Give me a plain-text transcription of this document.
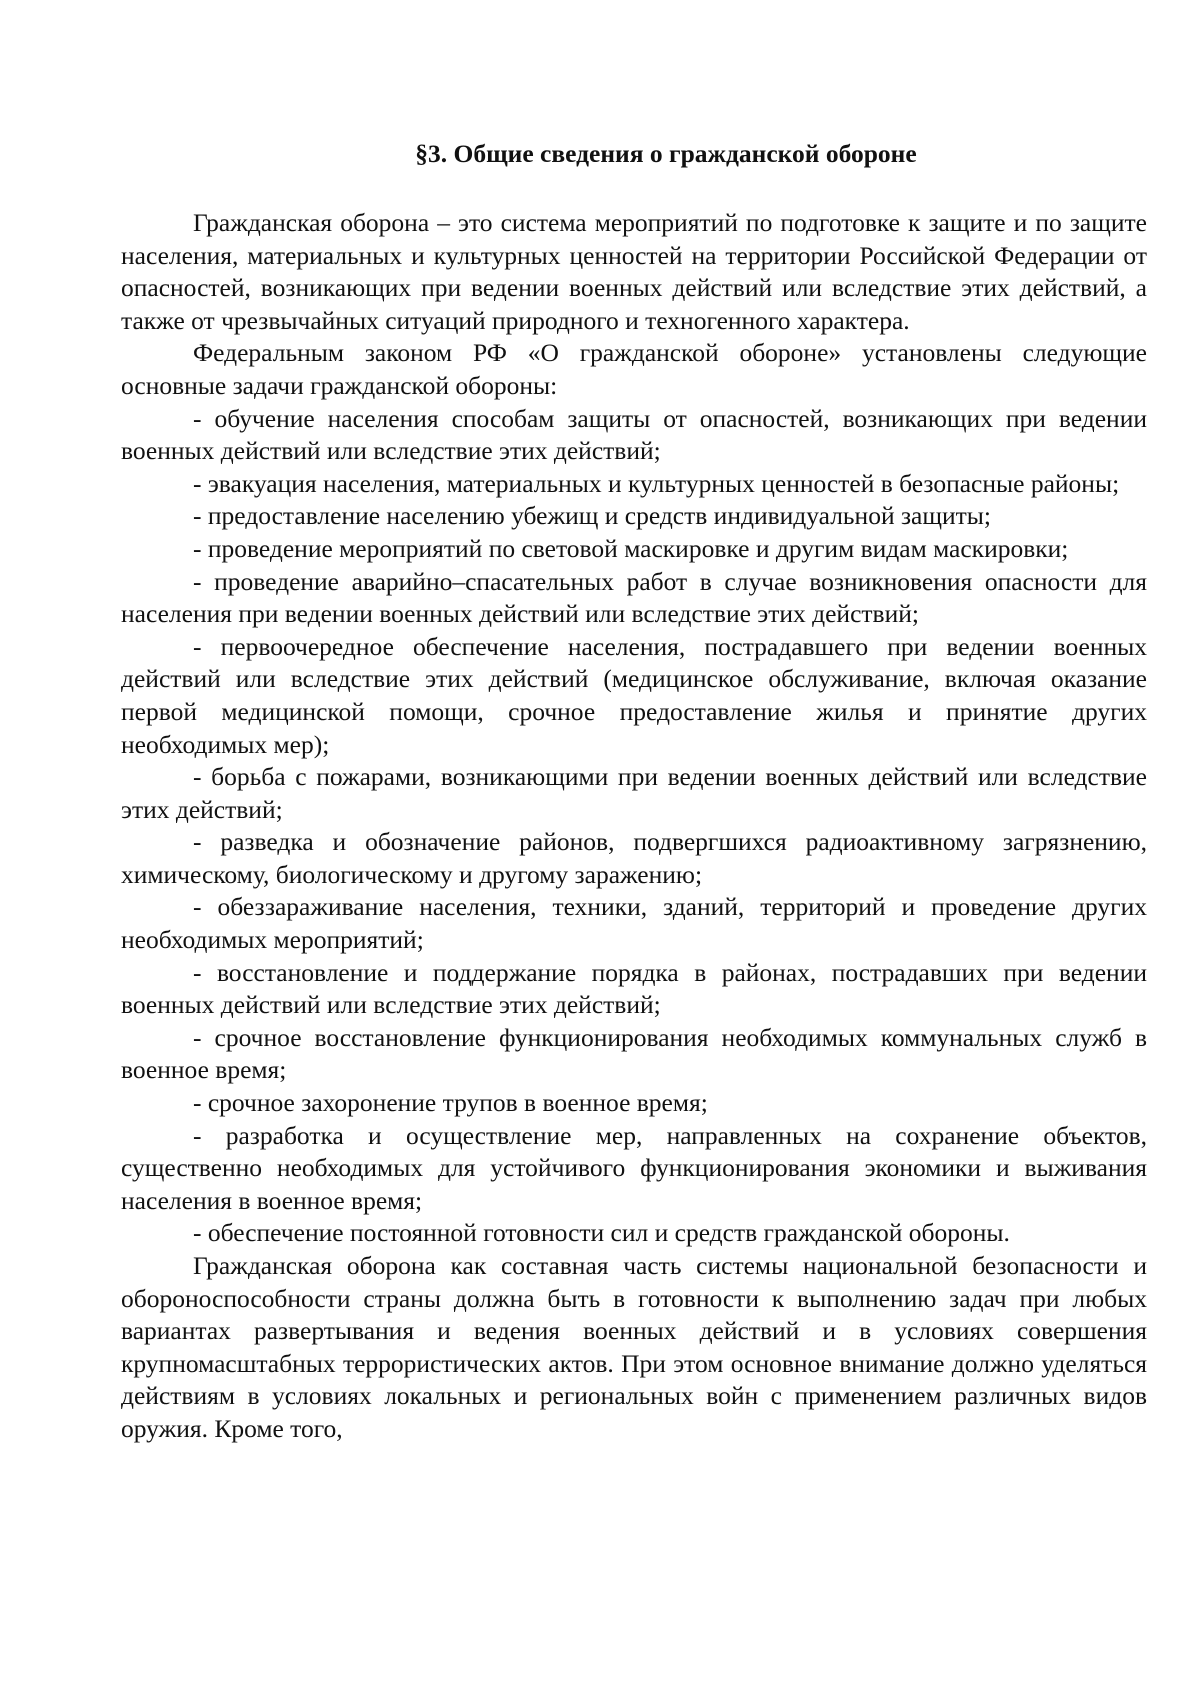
§3. Общие сведения о гражданской обороне

Гражданская оборона – это система мероприятий по подготовке к защите и по защите населения, материальных и культурных ценностей на территории Российской Федерации от опасностей, возникающих при ведении военных действий или вследствие этих действий, а также от чрезвычайных ситуаций природного и техногенного характера.

Федеральным законом РФ «О гражданской обороне» установлены следующие основные задачи гражданской обороны:

- обучение населения способам защиты от опасностей, возникающих при ведении военных действий или вследствие этих действий;

- эвакуация населения, материальных и культурных ценностей в безопасные районы;

- предоставление населению убежищ и средств индивидуальной защиты;

- проведение мероприятий по световой маскировке и другим видам маскировки;

- проведение аварийно–спасательных работ в случае возникновения опасности для населения при ведении военных действий или вследствие этих действий;

- первоочередное обеспечение населения, пострадавшего при ведении военных действий или вследствие этих действий (медицинское обслуживание, включая оказание первой медицинской помощи, срочное предоставление жилья и принятие других необходимых мер);

- борьба с пожарами, возникающими при ведении военных действий или вследствие этих действий;

- разведка и обозначение районов, подвергшихся радиоактивному загрязнению, химическому, биологическому и другому заражению;

- обеззараживание населения, техники, зданий, территорий и проведение других необходимых мероприятий;

- восстановление и поддержание порядка в районах, пострадавших при ведении военных действий или вследствие этих действий;

- срочное восстановление функционирования необходимых коммунальных служб в военное время;

- срочное захоронение трупов в военное время;

- разработка и осуществление мер, направленных на сохранение объектов, существенно необходимых для устойчивого функционирования экономики и выживания населения в военное время;

- обеспечение постоянной готовности сил и средств гражданской обороны.

Гражданская оборона как составная часть системы национальной безопасности и обороноспособности страны должна быть в готовности к выполнению задач при любых вариантах развертывания и ведения военных действий и в условиях совершения крупномасштабных террористических актов. При этом основное внимание должно уделяться действиям в условиях локальных и региональных войн с применением различных видов оружия. Кроме того,
